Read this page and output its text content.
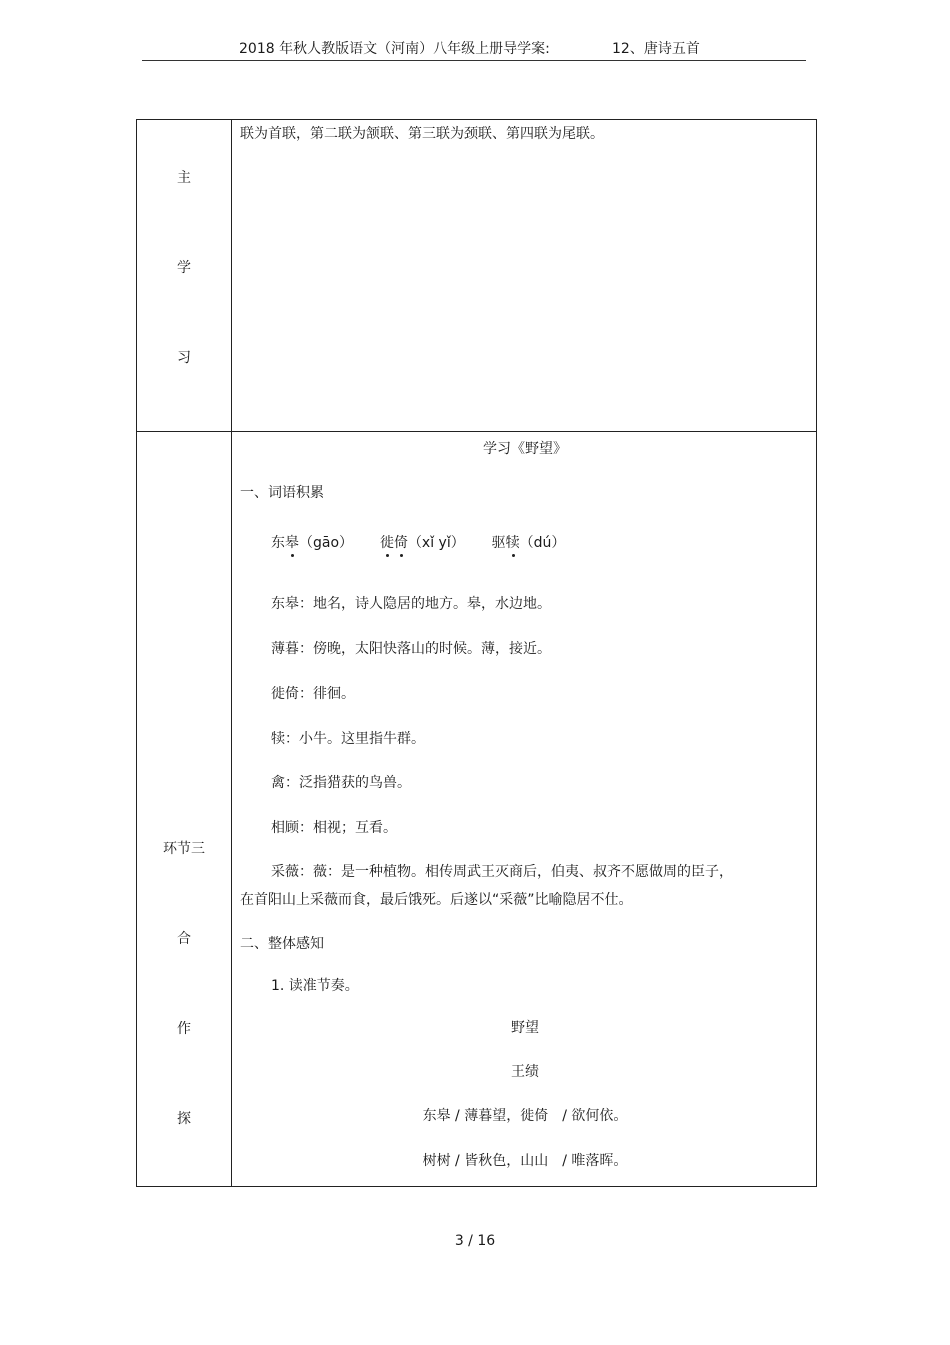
2018 年秋人教版语文（河南）八年级上册导学案:	12、唐诗五首
主
学
习
联为首联，第二联为颔联、第三联为颈联、第四联为尾联。
环节三
合
作
探
学习《野望》
一、词语积累
东皋（gāo） 徙倚（xǐ yǐ） 驱犊（dú）
东皋：地名，诗人隐居的地方。皋，水边地。
薄暮：傍晚，太阳快落山的时候。薄，接近。
徙倚：徘徊。
犊：小牛。这里指牛群。
禽：泛指猎获的鸟兽。
相顾：相视；互看。
采薇：薇：是一种植物。相传周武王灭商后，伯夷、叔齐不愿做周的臣子，
在首阳山上采薇而食，最后饿死。后遂以“采薇”比喻隐居不仕。
二、整体感知
1. 读准节奏。
野望
王绩
东皋 / 薄暮望，徙倚　/ 欲何依。
树树 / 皆秋色，山山　/ 唯落晖。
3 / 16
